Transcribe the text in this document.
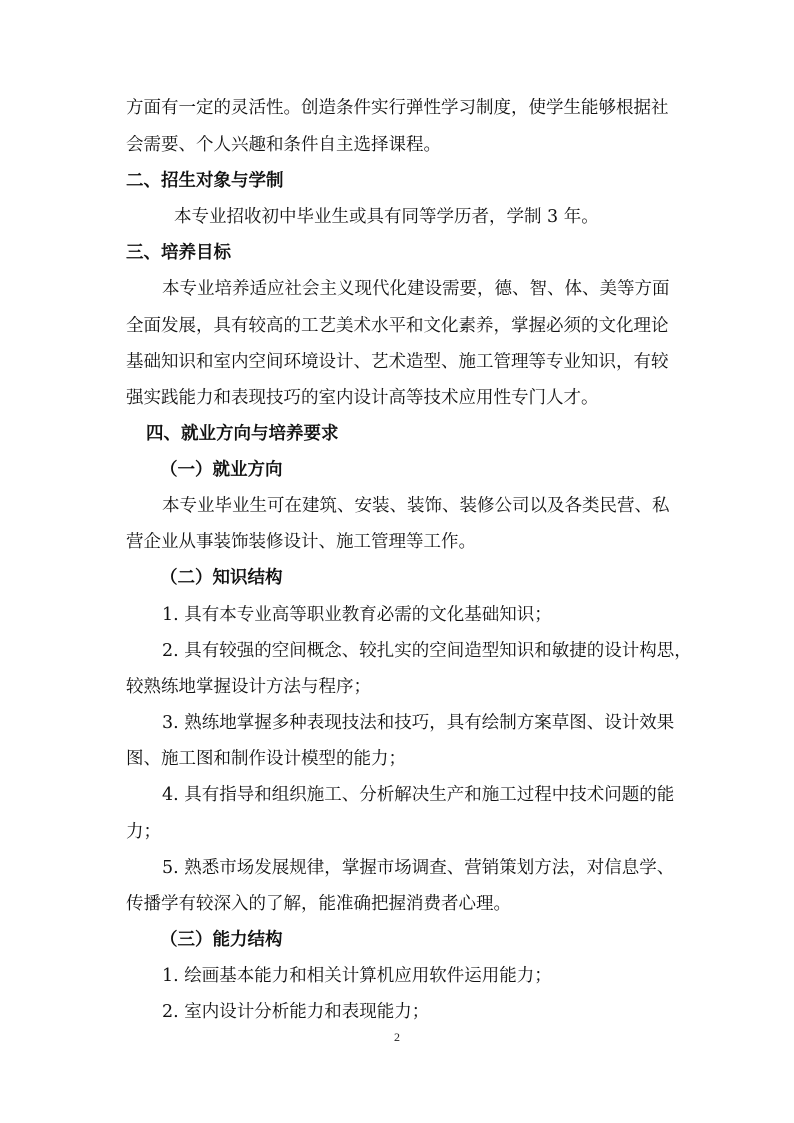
方面有一定的灵活性。创造条件实行弹性学习制度，使学生能够根据社
会需要、个人兴趣和条件自主选择课程。
二、招生对象与学制
本专业招收初中毕业生或具有同等学历者，学制 3 年。
三、培养目标
本专业培养适应社会主义现代化建设需要，德、智、体、美等方面
全面发展，具有较高的工艺美术水平和文化素养，掌握必须的文化理论
基础知识和室内空间环境设计、艺术造型、施工管理等专业知识，有较
强实践能力和表现技巧的室内设计高等技术应用性专门人才。
四、就业方向与培养要求
（一）就业方向
本专业毕业生可在建筑、安装、装饰、装修公司以及各类民营、私
营企业从事装饰装修设计、施工管理等工作。
（二）知识结构
1. 具有本专业高等职业教育必需的文化基础知识；
2. 具有较强的空间概念、较扎实的空间造型知识和敏捷的设计构思，
较熟练地掌握设计方法与程序；
3. 熟练地掌握多种表现技法和技巧，具有绘制方案草图、设计效果
图、施工图和制作设计模型的能力；
4. 具有指导和组织施工、分析解决生产和施工过程中技术问题的能
力；
5. 熟悉市场发展规律，掌握市场调查、营销策划方法，对信息学、
传播学有较深入的了解，能准确把握消费者心理。
（三）能力结构
1. 绘画基本能力和相关计算机应用软件运用能力；
2. 室内设计分析能力和表现能力；
2
